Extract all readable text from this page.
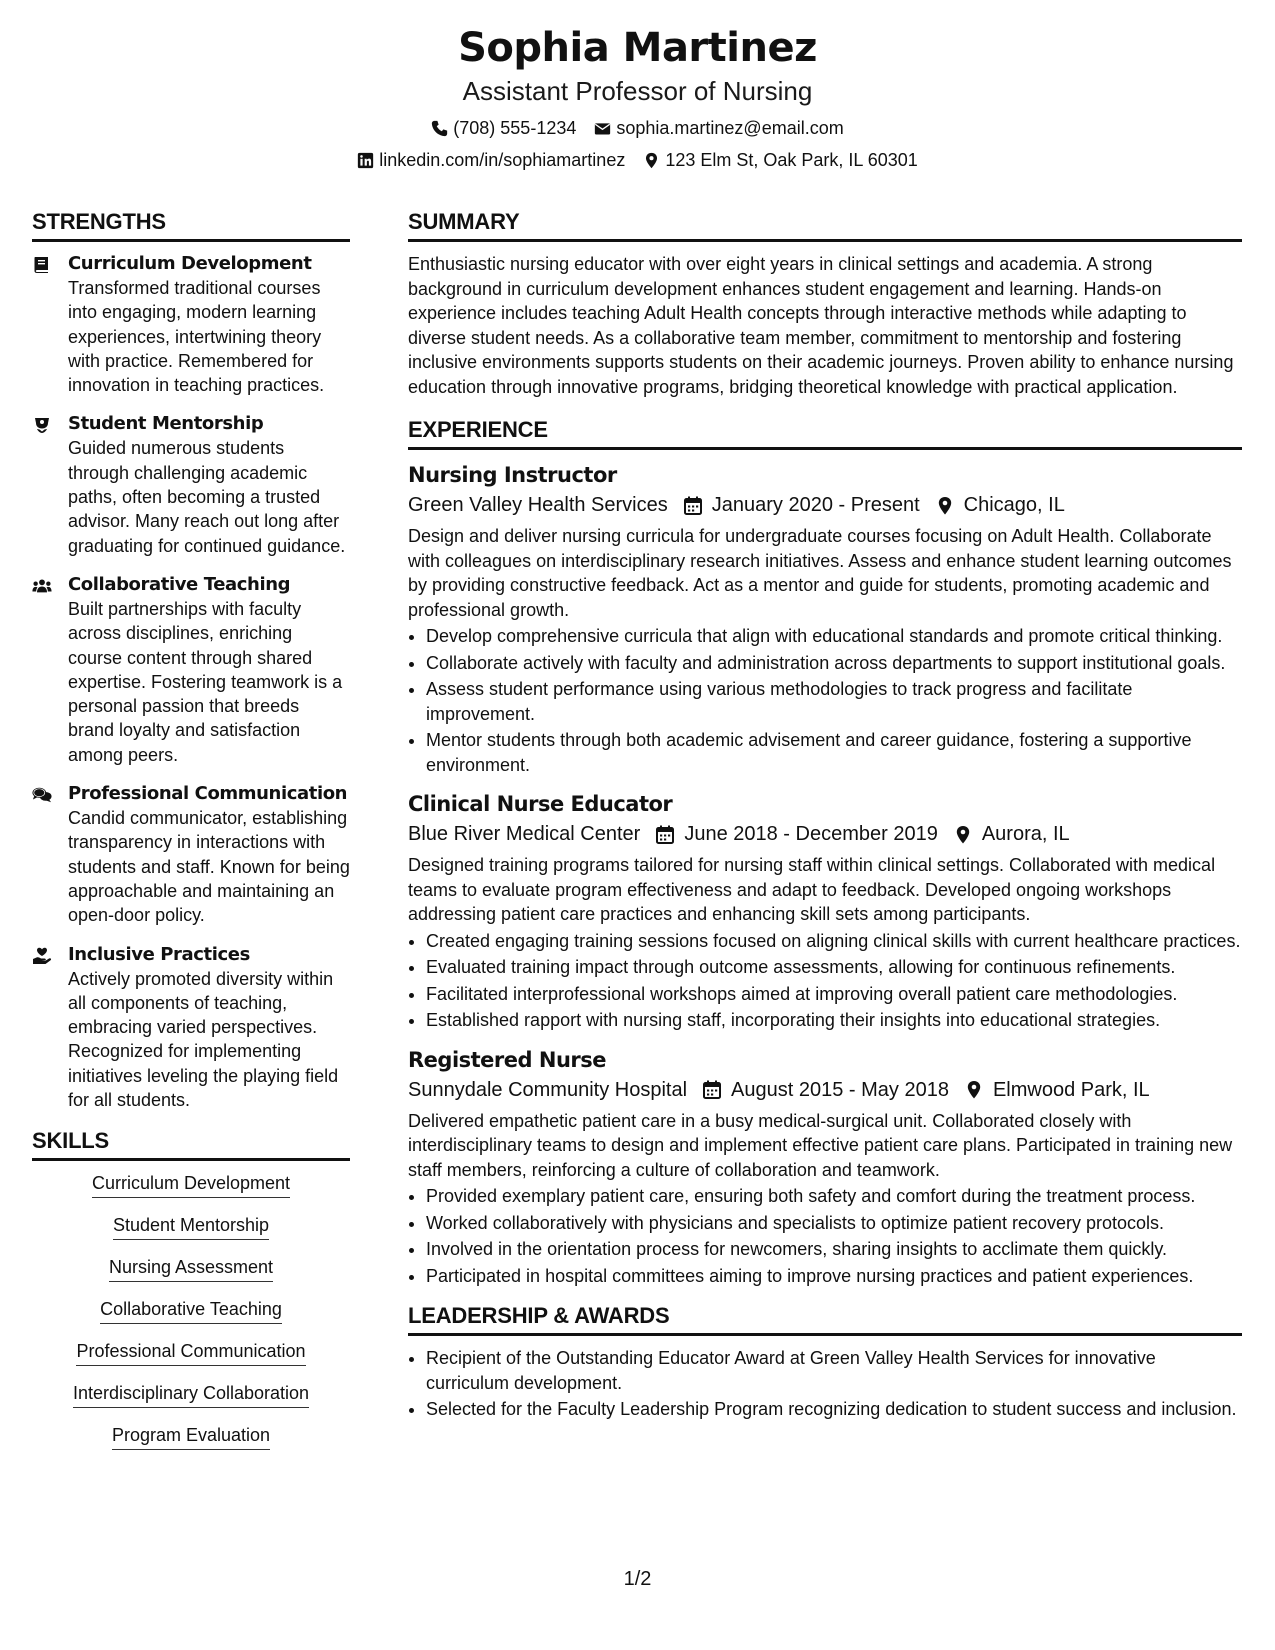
Sophia Martinez
Assistant Professor of Nursing
(708) 555-1234 sophia.martinez@email.com
linkedin.com/in/sophiamartinez 123 Elm St, Oak Park, IL 60301
STRENGTHS
Curriculum Development
Transformed traditional courses into engaging, modern learning experiences, intertwining theory with practice. Remembered for innovation in teaching practices.
Student Mentorship
Guided numerous students through challenging academic paths, often becoming a trusted advisor. Many reach out long after graduating for continued guidance.
Collaborative Teaching
Built partnerships with faculty across disciplines, enriching course content through shared expertise. Fostering teamwork is a personal passion that breeds brand loyalty and satisfaction among peers.
Professional Communication
Candid communicator, establishing transparency in interactions with students and staff. Known for being approachable and maintaining an open-door policy.
Inclusive Practices
Actively promoted diversity within all components of teaching, embracing varied perspectives. Recognized for implementing initiatives leveling the playing field for all students.
SKILLS
Curriculum Development
Student Mentorship
Nursing Assessment
Collaborative Teaching
Professional Communication
Interdisciplinary Collaboration
Program Evaluation
SUMMARY
Enthusiastic nursing educator with over eight years in clinical settings and academia. A strong background in curriculum development enhances student engagement and learning. Hands-on experience includes teaching Adult Health concepts through interactive methods while adapting to diverse student needs. As a collaborative team member, commitment to mentorship and fostering inclusive environments supports students on their academic journeys. Proven ability to enhance nursing education through innovative programs, bridging theoretical knowledge with practical application.
EXPERIENCE
Nursing Instructor
Green Valley Health Services January 2020 - Present Chicago, IL
Design and deliver nursing curricula for undergraduate courses focusing on Adult Health. Collaborate with colleagues on interdisciplinary research initiatives. Assess and enhance student learning outcomes by providing constructive feedback. Act as a mentor and guide for students, promoting academic and professional growth.
• Develop comprehensive curricula that align with educational standards and promote critical thinking.
• Collaborate actively with faculty and administration across departments to support institutional goals.
• Assess student performance using various methodologies to track progress and facilitate improvement.
• Mentor students through both academic advisement and career guidance, fostering a supportive environment.
Clinical Nurse Educator
Blue River Medical Center June 2018 - December 2019 Aurora, IL
Designed training programs tailored for nursing staff within clinical settings. Collaborated with medical teams to evaluate program effectiveness and adapt to feedback. Developed ongoing workshops addressing patient care practices and enhancing skill sets among participants.
• Created engaging training sessions focused on aligning clinical skills with current healthcare practices.
• Evaluated training impact through outcome assessments, allowing for continuous refinements.
• Facilitated interprofessional workshops aimed at improving overall patient care methodologies.
• Established rapport with nursing staff, incorporating their insights into educational strategies.
Registered Nurse
Sunnydale Community Hospital August 2015 - May 2018 Elmwood Park, IL
Delivered empathetic patient care in a busy medical-surgical unit. Collaborated closely with interdisciplinary teams to design and implement effective patient care plans. Participated in training new staff members, reinforcing a culture of collaboration and teamwork.
• Provided exemplary patient care, ensuring both safety and comfort during the treatment process.
• Worked collaboratively with physicians and specialists to optimize patient recovery protocols.
• Involved in the orientation process for newcomers, sharing insights to acclimate them quickly.
• Participated in hospital committees aiming to improve nursing practices and patient experiences.
LEADERSHIP & AWARDS
• Recipient of the Outstanding Educator Award at Green Valley Health Services for innovative curriculum development.
• Selected for the Faculty Leadership Program recognizing dedication to student success and inclusion.
1/2
